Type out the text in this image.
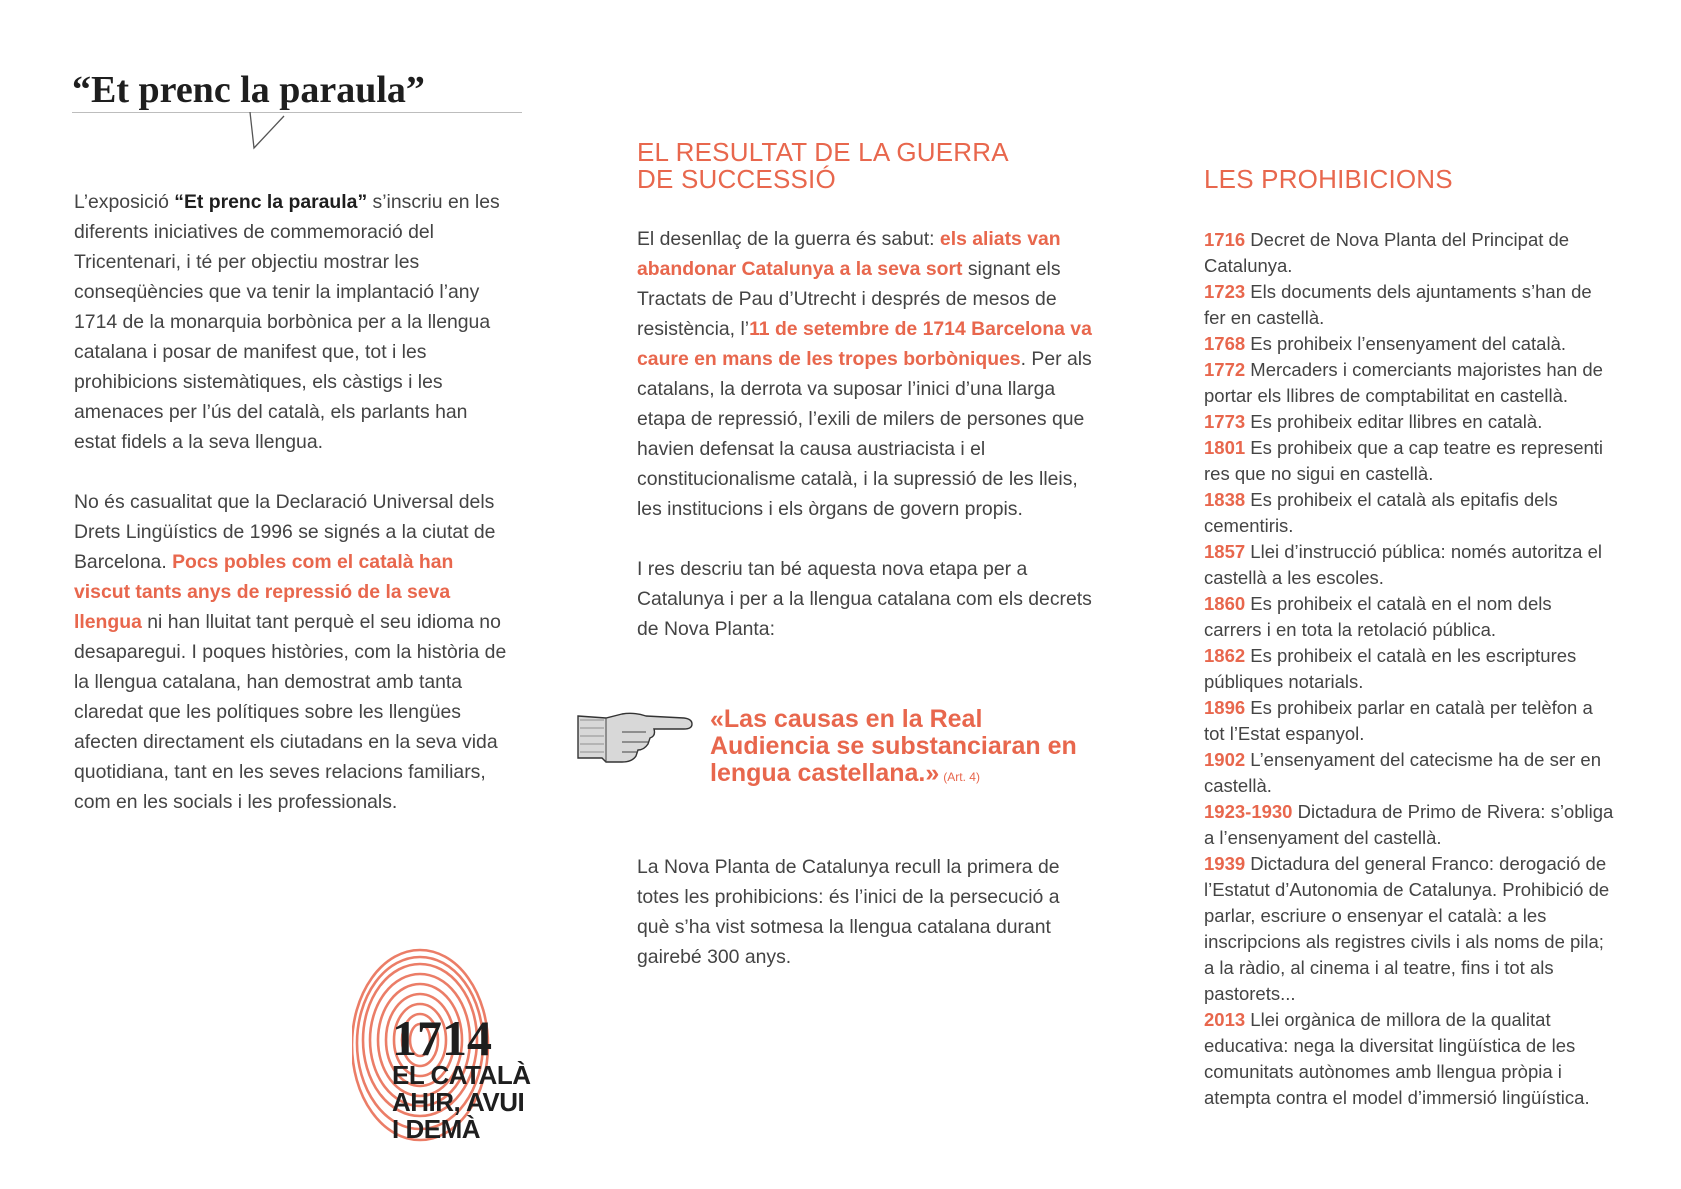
“Et prenc la paraula”

L’exposició “Et prenc la paraula” s’inscriu en les diferents iniciatives de commemoració del Tricentenari, i té per objectiu mostrar les conseqüències que va tenir la implantació l’any 1714 de la monarquia borbònica per a la llengua catalana i posar de manifest que, tot i les prohibicions sistemàtiques, els càstigs i les amenaces per l’ús del català, els parlants han estat fidels a la seva llengua.

No és casualitat que la Declaració Universal dels Drets Lingüístics de 1996 se signés a la ciutat de Barcelona. Pocs pobles com el català han viscut tants anys de repressió de la seva llengua ni han lluitat tant perquè el seu idioma no desaparegui. I poques històries, com la història de la llengua catalana, han demostrat amb tanta claredat que les polítiques sobre les llengües afecten directament els ciutadans en la seva vida quotidiana, tant en les seves relacions familiars, com en les socials i les professionals.

EL RESULTAT DE LA GUERRA
DE SUCCESSIÓ

El desenllaç de la guerra és sabut: els aliats van abandonar Catalunya a la seva sort signant els Tractats de Pau d’Utrecht i després de mesos de resistència, l’11 de setembre de 1714 Barcelona va caure en mans de les tropes borbòniques. Per als catalans, la derrota va suposar l’inici d’una llarga etapa de repressió, l’exili de milers de persones que havien defensat la causa austriacista i el constitucionalisme català, i la supressió de les lleis, les institucions i els òrgans de govern propis.

I res descriu tan bé aquesta nova etapa per a Catalunya i per a la llengua catalana com els decrets de Nova Planta:

«Las causas en la Real Audiencia se substanciaran en lengua castellana.» (Art. 4)

La Nova Planta de Catalunya recull la primera de totes les prohibicions: és l’inici de la persecució a què s’ha vist sotmesa la llengua catalana durant gairebé 300 anys.

LES PROHIBICIONS

1716 Decret de Nova Planta del Principat de Catalunya.

1723 Els documents dels ajuntaments s’han de fer en castellà.

1768 Es prohibeix l’ensenyament del català.

1772 Mercaders i comerciants majoristes han de portar els llibres de comptabilitat en castellà.

1773 Es prohibeix editar llibres en català.

1801 Es prohibeix que a cap teatre es representi res que no sigui en castellà.

1838 Es prohibeix el català als epitafis dels cementiris.

1857 Llei d’instrucció pública: només autoritza el castellà a les escoles.

1860 Es prohibeix el català en el nom dels carrers i en tota la retolació pública.

1862 Es prohibeix el català en les escriptures públiques notarials.

1896 Es prohibeix parlar en català per telèfon a tot l’Estat espanyol.

1902 L’ensenyament del catecisme ha de ser en castellà.

1923-1930 Dictadura de Primo de Rivera: s’obliga a l’ensenyament del castellà.

1939 Dictadura del general Franco: derogació de l’Estatut d’Autonomia de Catalunya. Prohibició de parlar, escriure o ensenyar el català: a les inscripcions als registres civils i als noms de pila; a la ràdio, al cinema i al teatre, fins i tot als pastorets...

2013 Llei orgànica de millora de la qualitat educativa: nega la diversitat lingüística de les comunitats autònomes amb llengua pròpia i atempta contra el model d’immersió lingüística.

1714
EL CATALÀ
AHIR, AVUI
I DEMÀ
